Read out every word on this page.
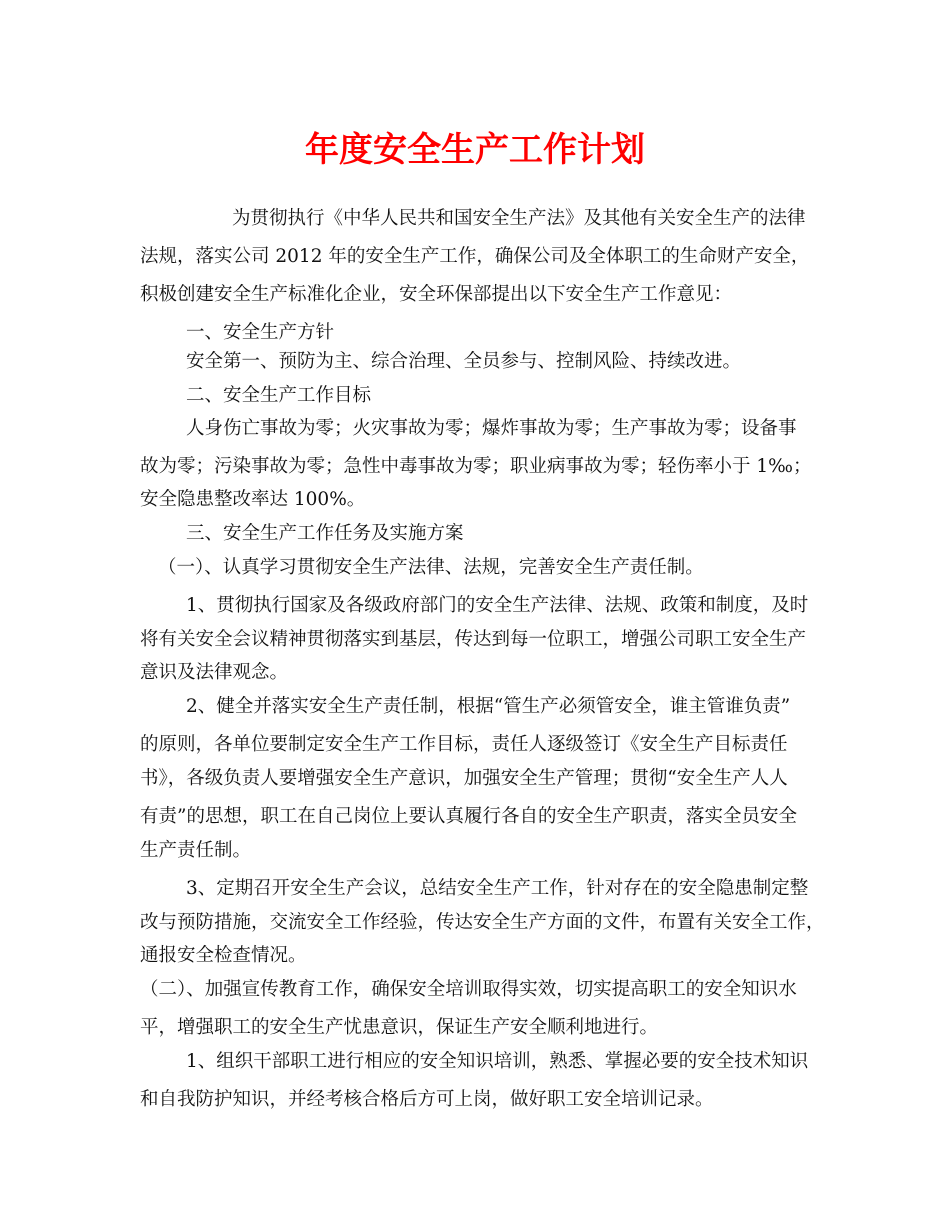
年度安全生产工作计划
为贯彻执行《中华人民共和国安全生产法》及其他有关安全生产的法律
法规，落实公司 2012 年的安全生产工作，确保公司及全体职工的生命财产安全，
积极创建安全生产标准化企业，安全环保部提出以下安全生产工作意见：
一、安全生产方针
安全第一、预防为主、综合治理、全员参与、控制风险、持续改进。
二、安全生产工作目标
人身伤亡事故为零；火灾事故为零；爆炸事故为零；生产事故为零；设备事
故为零；污染事故为零；急性中毒事故为零；职业病事故为零；轻伤率小于 1‰；
安全隐患整改率达 100%。
三、安全生产工作任务及实施方案
（一）、认真学习贯彻安全生产法律、法规，完善安全生产责任制。
1、贯彻执行国家及各级政府部门的安全生产法律、法规、政策和制度，及时
将有关安全会议精神贯彻落实到基层，传达到每一位职工，增强公司职工安全生产
意识及法律观念。
2、健全并落实安全生产责任制，根据“管生产必须管安全，谁主管谁负责”
的原则，各单位要制定安全生产工作目标，责任人逐级签订《安全生产目标责任
书》，各级负责人要增强安全生产意识，加强安全生产管理；贯彻“安全生产人人
有责”的思想，职工在自己岗位上要认真履行各自的安全生产职责，落实全员安全
生产责任制。
3、定期召开安全生产会议，总结安全生产工作，针对存在的安全隐患制定整
改与预防措施，交流安全工作经验，传达安全生产方面的文件，布置有关安全工作，
通报安全检查情况。
（二）、加强宣传教育工作，确保安全培训取得实效，切实提高职工的安全知识水
平，增强职工的安全生产忧患意识，保证生产安全顺利地进行。
1、组织干部职工进行相应的安全知识培训，熟悉、掌握必要的安全技术知识
和自我防护知识，并经考核合格后方可上岗，做好职工安全培训记录。
